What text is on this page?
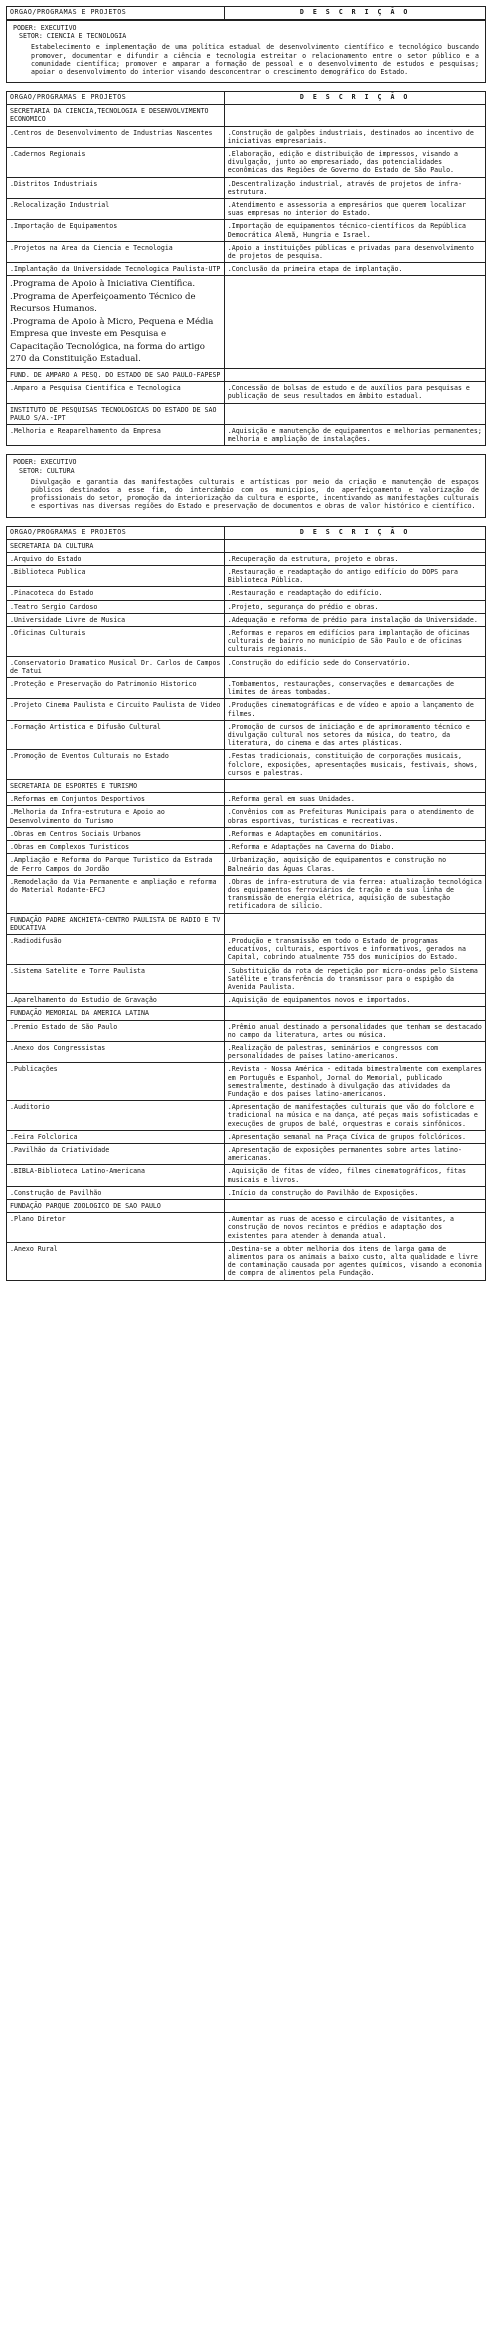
ORGAO/PROGRAMAS E PROJETOS	D E S C R I Ç Ã O
PODER: EXECUTIVO
SETOR: CIENCIA E TECNOLOGIA
Estabelecimento e implementação de uma política estadual de desenvolvimento científico e tecnológico buscando promover, documentar e difundir a ciência e tecnologia estreitar o relacionamento entre o setor público e a comunidade científica; promover e amparar a formação de pessoal e o desenvolvimento de estudos e pesquisas; apoiar o desenvolvimento do interior visando desconcentrar o crescimento demográfico do Estado.
ORGAO/PROGRAMAS E PROJETOS	D E S C R I Ç Ã O
SECRETARIA DA CIENCIA,TECNOLOGIA E DESENVOLVIMENTO ECONOMICO	
.Centros de Desenvolvimento de Industrias Nascentes	.Construção de galpões industriais, destinados ao incentivo de iniciativas empresariais.
.Cadernos Regionais	.Elaboração, edição e distribuição de impressos, visando a divulgação, junto ao empresariado, das potencialidades econômicas das Regiões de Governo do Estado de São Paulo.
.Distritos Industriais	.Descentralização industrial, através de projetos de infra-estrutura.
.Relocalização Industrial	.Atendimento e assessoria a empresários que querem localizar suas empresas no interior do Estado.
.Importação de Equipamentos	.Importação de equipamentos técnico-científicos da República Democrática Alemã, Hungria e Israel.
.Projetos na Area da Ciencia e Tecnologia	.Apoio a instituições públicas e privadas para desenvolvimento de projetos de pesquisa.
.Implantação da Universidade Tecnologica Paulista-UTP	.Conclusão da primeira etapa de implantação.
.Programa de Apoio à Iniciativa Científica.
.Programa de Aperfeiçoamento Técnico de Recursos Humanos.
.Programa de Apoio à Micro, Pequena e Média Empresa que investe em Pesquisa e Capacitação Tecnológica, na forma do artigo 270 da Constituição Estadual.	
FUND. DE AMPARO A PESQ. DO ESTADO DE SAO PAULO-FAPESP	
.Amparo a Pesquisa Cientifica e Tecnologica	.Concessão de bolsas de estudo e de auxílios para pesquisas e publicação de seus resultados em âmbito estadual.
INSTITUTO DE PESQUISAS TECNOLOGICAS DO ESTADO DE SAO PAULO S/A.-IPT	
.Melhoria e Reaparelhamento da Empresa	.Aquisição e manutenção de equipamentos e melhorias permanentes; melhoria e ampliação de instalações.
PODER: EXECUTIVO
SETOR: CULTURA
Divulgação e garantia das manifestações culturais e artísticas por meio da criação e manutenção de espaços públicos destinados a esse fim, do intercâmbio com os municípios, do aperfeiçoamento e valorização de profissionais do setor, promoção da interiorização da cultura e esporte, incentivando as manifestações culturais e esportivas nas diversas regiões do Estado e preservação de documentos e obras de valor histórico e científico.
ORGAO/PROGRAMAS E PROJETOS	D E S C R I Ç Ã O
SECRETARIA DA CULTURA	
.Arquivo do Estado	.Recuperação da estrutura, projeto e obras.
.Biblioteca Publica	.Restauração e readaptação do antigo edifício do DOPS para Biblioteca Pública.
.Pinacoteca do Estado	.Restauração e readaptação do edifício.
.Teatro Sergio Cardoso	.Projeto, segurança do prédio e obras.
.Universidade Livre de Musica	.Adequação e reforma de prédio para instalação da Universidade.
.Oficinas Culturais	.Reformas e reparos em edifícios para implantação de oficinas culturais de bairro no município de São Paulo e de oficinas culturais regionais.
.Conservatorio Dramatico Musical Dr. Carlos de Campos de Tatui	.Construção do edifício sede do Conservatório.
.Proteção e Preservação do Patrimonio Historico	.Tombamentos, restaurações, conservações e demarcações de limites de áreas tombadas.
.Projeto Cinema Paulista e Circuito Paulista de Video	.Produções cinematográficas e de vídeo e apoio a lançamento de filmes.
.Formação Artistica e Difusão Cultural	.Promoção de cursos de iniciação e de aprimoramento técnico e divulgação cultural nos setores da música, do teatro, da literatura, do cinema e das artes plásticas.
.Promoção de Eventos Culturais no Estado	.Festas tradicionais, constituição de corporações musicais, folclore, exposições, apresentações musicais, festivais, shows, cursos e palestras.
SECRETARIA DE ESPORTES E TURISMO	
.Reformas em Conjuntos Desportivos	.Reforma geral em suas Unidades.
.Melhoria da Infra-estrutura e Apoio ao Desenvolvimento do Turismo	.Convênios com as Prefeituras Municipais para o atendimento de obras esportivas, turísticas e recreativas.
.Obras em Centros Sociais Urbanos	.Reformas e Adaptações em comunitários.
.Obras em Complexos Turisticos	.Reforma e Adaptações na Caverna do Diabo.
.Ampliação e Reforma do Parque Turistico da Estrada de Ferro Campos do Jordão	.Urbanização, aquisição de equipamentos e construção no Balneário das Águas Claras.
.Remodelação da Via Permanente e ampliação e reforma do Material Rodante-EFCJ	.Obras de infra-estrutura de via ferrea: atualização tecnológica dos equipamentos ferroviários de tração e da sua linha de transmissão de energia elétrica, aquisição de subestação retificadora de silício.
FUNDAÇÃO PADRE ANCHIETA-CENTRO PAULISTA DE RADIO E TV EDUCATIVA	
.Radiodifusão	.Produção e transmissão em todo o Estado de programas educativos, culturais, esportivos e informativos, gerados na Capital, cobrindo atualmente 755 dos municípios do Estado.
.Sistema Satelite e Torre Paulista	.Substituição da rota de repetição por micro-ondas pelo Sistema Satélite e transferência do transmissor para o espigão da Avenida Paulista.
.Aparelhamento do Estudio de Gravação	.Aquisição de equipamentos novos e importados.
FUNDAÇÃO MEMORIAL DA AMERICA LATINA	
.Premio Estado de São Paulo	.Prêmio anual destinado a personalidades que tenham se destacado no campo da literatura, artes ou música.
.Anexo dos Congressistas	.Realização de palestras, seminários e congressos com personalidades de países latino-americanos.
.Publicações	.Revista - Nossa América - editada bimestralmente com exemplares em Português e Espanhol, Jornal do Memorial, publicado semestralmente, destinado à divulgação das atividades da Fundação e dos países latino-americanos.
.Auditorio	.Apresentação de manifestações culturais que vão do folclore e tradicional na música e na dança, até peças mais sofisticadas e execuções de grupos de balé, orquestras e corais sinfônicos.
.Feira Folclorica	.Apresentação semanal na Praça Cívica de grupos folclóricos.
.Pavilhão da Criatividade	.Apresentação de exposições permanentes sobre artes latino-americanas.
.BIBLA-Biblioteca Latino-Americana	.Aquisição de fitas de vídeo, filmes cinematográficos, fitas musicais e livros.
.Construção de Pavilhão	.Início da construção do Pavilhão de Exposições.
FUNDAÇÃO PARQUE ZOOLOGICO DE SAO PAULO	
.Plano Diretor	.Aumentar as ruas de acesso e circulação de visitantes, a construção de novos recintos e prédios e adaptação dos existentes para atender à demanda atual.
.Anexo Rural	.Destina-se a obter melhoria dos itens de larga gama de alimentos para os animais a baixo custo, alta qualidade e livre de contaminação causada por agentes químicos, visando a economia de compra de alimentos pela Fundação.
